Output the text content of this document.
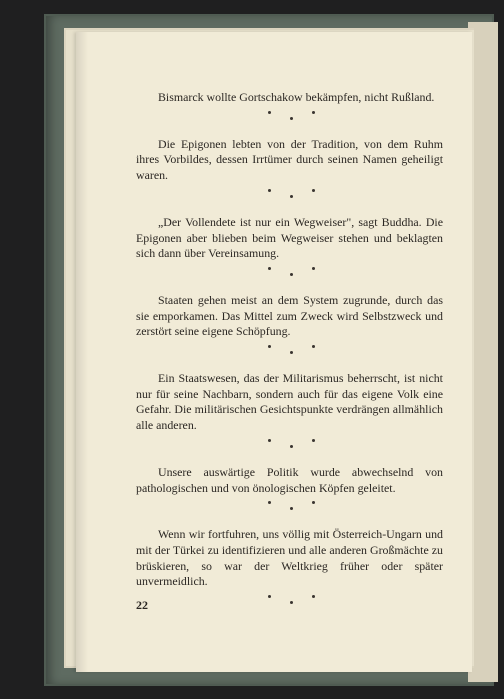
Bismarck wollte Gortschakow bekämpfen, nicht Rußland.

Die Epigonen lebten von der Tradition, von dem Ruhm ihres Vorbildes, dessen Irrtümer durch seinen Namen geheiligt waren.

„Der Vollendete ist nur ein Wegweiser", sagt Buddha. Die Epigonen aber blieben beim Wegweiser stehen und beklagten sich dann über Vereinsamung.

Staaten gehen meist an dem System zugrunde, durch das sie emporkamen. Das Mittel zum Zweck wird Selbstzweck und zerstört seine eigene Schöpfung.

Ein Staatswesen, das der Militarismus beherrscht, ist nicht nur für seine Nachbarn, sondern auch für das eigene Volk eine Gefahr. Die militärischen Gesichtspunkte verdrängen allmählich alle anderen.

Unsere auswärtige Politik wurde abwechselnd von pathologischen und von önologischen Köpfen geleitet.

Wenn wir fortfuhren, uns völlig mit Österreich-Ungarn und mit der Türkei zu identifizieren und alle anderen Großmächte zu brüskieren, so war der Weltkrieg früher oder später unvermeidlich.

22
